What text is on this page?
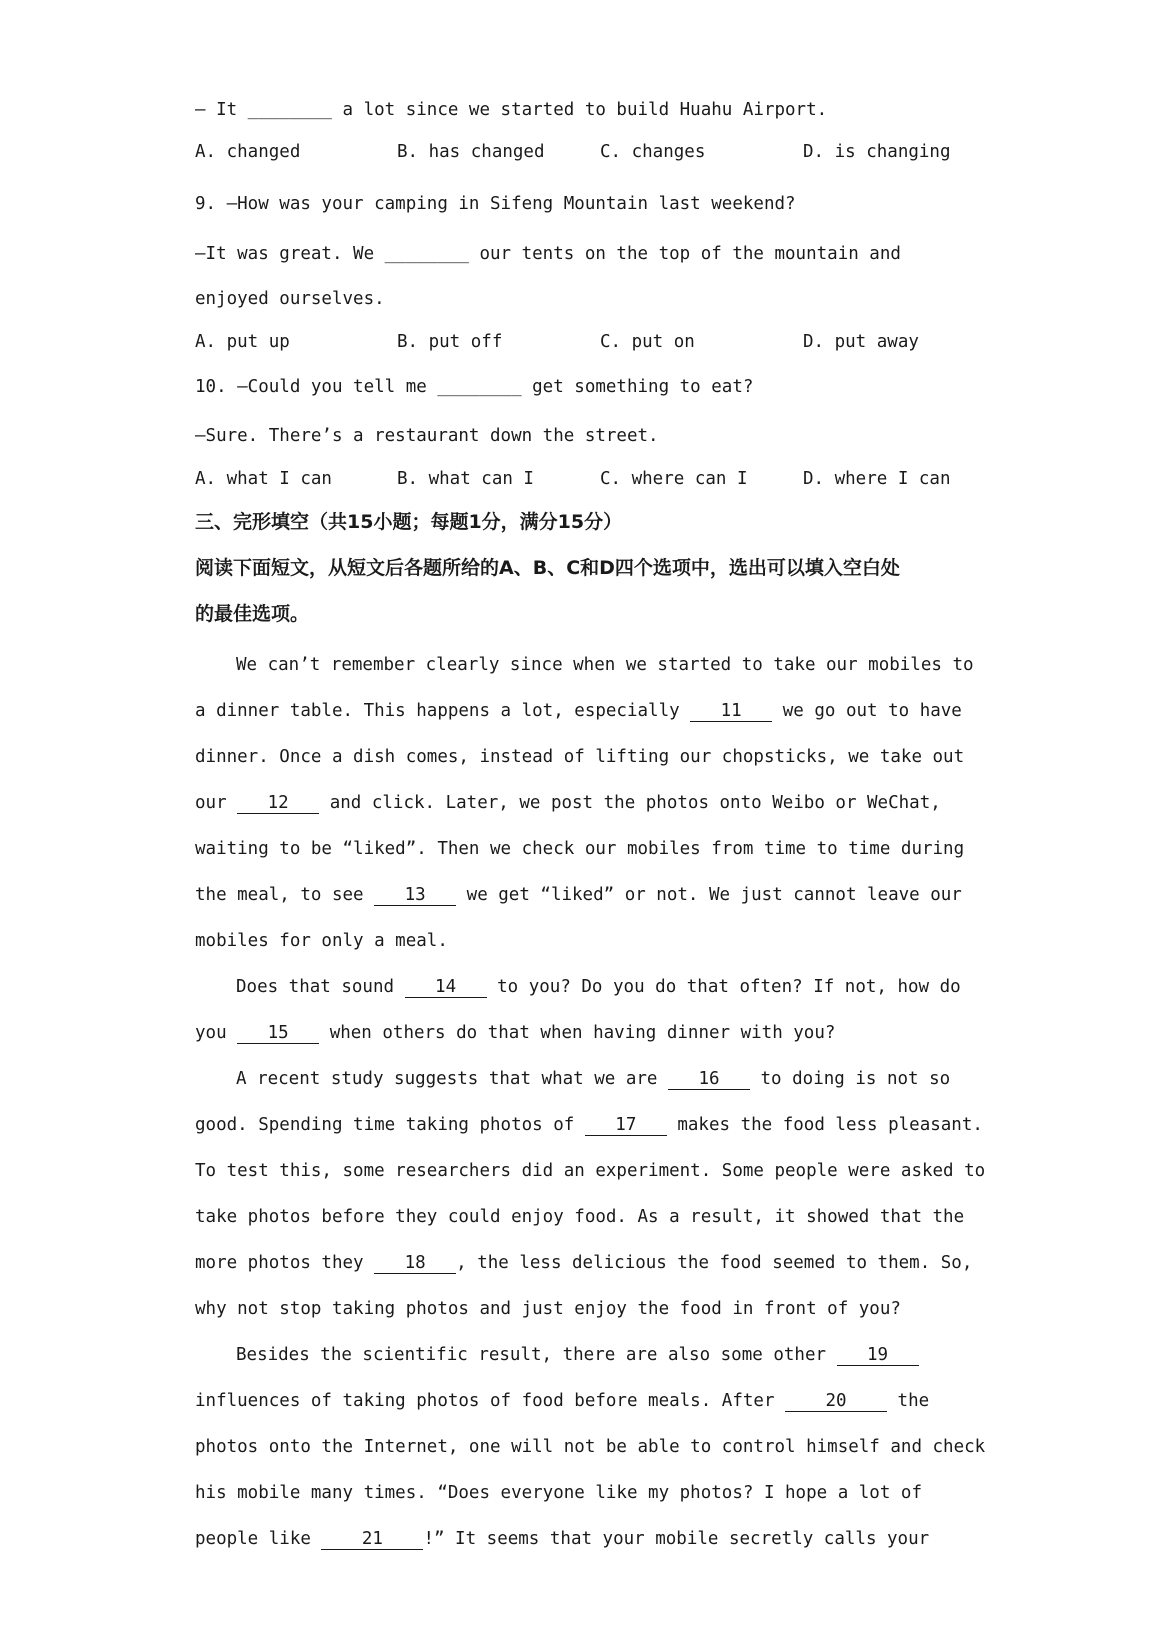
— It ________ a lot since we started to build Huahu Airport.
A. changed	B. has changed	C. changes	D. is changing
9. —How was your camping in Sifeng Mountain last weekend?
—It was great. We ________ our tents on the top of the mountain and
enjoyed ourselves.
A. put up	B. put off	C. put on	D. put away
10. —Could you tell me ________ get something to eat?
—Sure. There’s a restaurant down the street.
A. what I can	B. what can I	C. where can I	D. where I can
三、完形填空（共15小题；每题1分，满分15分）
阅读下面短文，从短文后各题所给的A、B、C和D四个选项中，选出可以填入空白处
的最佳选项。
We can’t remember clearly since when we started to take our mobiles to
a dinner table. This happens a lot, especially 11 we go out to have
dinner. Once a dish comes, instead of lifting our chopsticks, we take out
our 12 and click. Later, we post the photos onto Weibo or WeChat,
waiting to be “liked”. Then we check our mobiles from time to time during
the meal, to see 13 we get “liked” or not. We just cannot leave our
mobiles for only a meal.
Does that sound 14 to you? Do you do that often? If not, how do
you 15 when others do that when having dinner with you?
A recent study suggests that what we are 16 to doing is not so
good. Spending time taking photos of 17 makes the food less pleasant.
To test this, some researchers did an experiment. Some people were asked to
take photos before they could enjoy food. As a result, it showed that the
more photos they 18 , the less delicious the food seemed to them. So,
why not stop taking photos and just enjoy the food in front of you?
Besides the scientific result, there are also some other 19
influences of taking photos of food before meals. After 20 the
photos onto the Internet, one will not be able to control himself and check
his mobile many times. “Does everyone like my photos? I hope a lot of
people like 21 !” It seems that your mobile secretly calls your
